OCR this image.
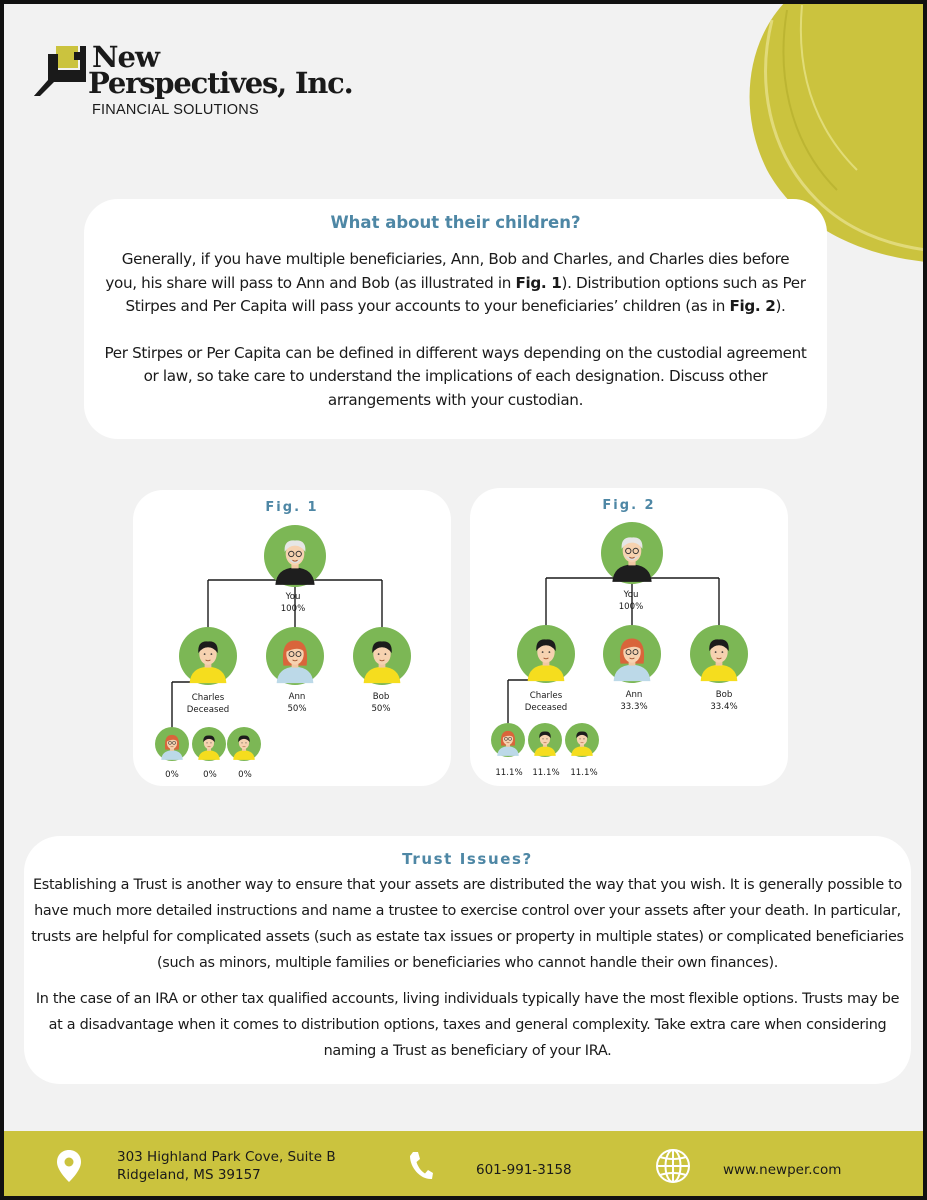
New
Perspectives, Inc.
FINANCIAL SOLUTIONS
What about their children?

Generally, if you have multiple beneficiaries, Ann, Bob and Charles, and Charles dies before you, his share will pass to Ann and Bob (as illustrated in Fig. 1). Distribution options such as Per Stirpes and Per Capita will pass your accounts to your beneficiaries’ children (as in Fig. 2).

Per Stirpes or Per Capita can be defined in different ways depending on the custodial agreement or law, so take care to understand the implications of each designation. Discuss other arrangements with your custodian.

Fig. 1
You
100%
Charles
Deceased
Ann
50%
Bob
50%
0%	0%	0%
Fig. 2
You
100%
Charles
Deceased
Ann
33.3%
Bob
33.4%
11.1%	11.1%	11.1%
Trust Issues?

Establishing a Trust is another way to ensure that your assets are distributed the way that you wish. It is generally possible to have much more detailed instructions and name a trustee to exercise control over your assets after your death. In particular, trusts are helpful for complicated assets (such as estate tax issues or property in multiple states) or complicated beneficiaries (such as minors, multiple families or beneficiaries who cannot handle their own finances).

In the case of an IRA or other tax qualified accounts, living individuals typically have the most flexible options. Trusts may be at a disadvantage when it comes to distribution options, taxes and general complexity. Take extra care when considering naming a Trust as beneficiary of your IRA.

303 Highland Park Cove, Suite B
Ridgeland, MS 39157	601-991-3158	www.newper.com
